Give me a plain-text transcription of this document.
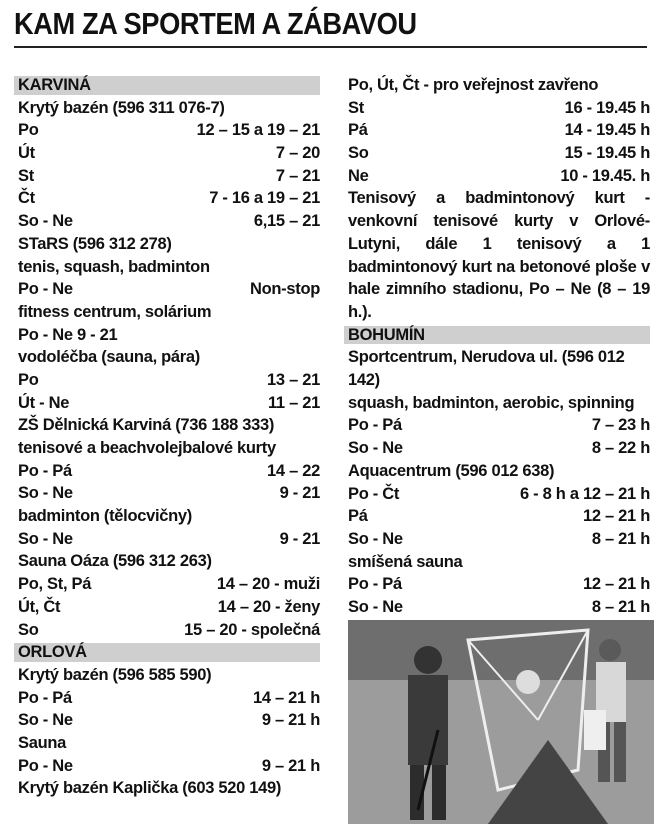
KAM ZA SPORTEM A ZÁBAVOU
KARVINÁ
Krytý bazén (596 311 076-7)
Po	12 – 15 a 19 – 21
Út	7 – 20
St	7 – 21
Čt	7 - 16 a 19 – 21
So - Ne	6,15 – 21
STaRS (596 312 278)
tenis, squash, badminton
Po - Ne	Non-stop
fitness centrum, solárium
Po - Ne 9 - 21
vodoléčba (sauna, pára)
Po	13 – 21
Út - Ne	11 – 21
ZŠ Dělnická Karviná (736 188 333)
tenisové a beachvolejbalové kurty
Po - Pá	14 – 22
So - Ne	9 - 21
badminton (tělocvičny)
So - Ne	9 - 21
Sauna Oáza (596 312 263)
Po, St, Pá	14 – 20 - muži
Út, Čt	14 – 20 - ženy
So	15 – 20 - společná
ORLOVÁ
Krytý bazén (596 585 590)
Po - Pá	14 – 21 h
So - Ne	9 – 21 h
Sauna
Po - Ne	9 – 21 h
Krytý bazén Kaplička (603 520 149)
Po, Út, Čt - pro veřejnost zavřeno
St	16 - 19.45 h
Pá	14 - 19.45 h
So	15 - 19.45 h
Ne	10 - 19.45. h
Tenisový a badmintonový kurt - venkovní tenisové kurty v Orlové-Lutyni, dále 1 tenisový a 1 badmintonový kurt na betonové ploše v hale zimního stadionu, Po – Ne (8 – 19 h.).
BOHUMÍN
Sportcentrum, Nerudova ul. (596 012 142)
squash, badminton, aerobic, spinning
Po - Pá	7 – 23 h
So - Ne	8 – 22 h
Aquacentrum (596 012 638)
Po - Čt	6 - 8 h a 12 – 21 h
Pá	12 – 21 h
So - Ne	8 – 21 h
smíšená sauna
Po - Pá	12 – 21 h
So - Ne	8 – 21 h
